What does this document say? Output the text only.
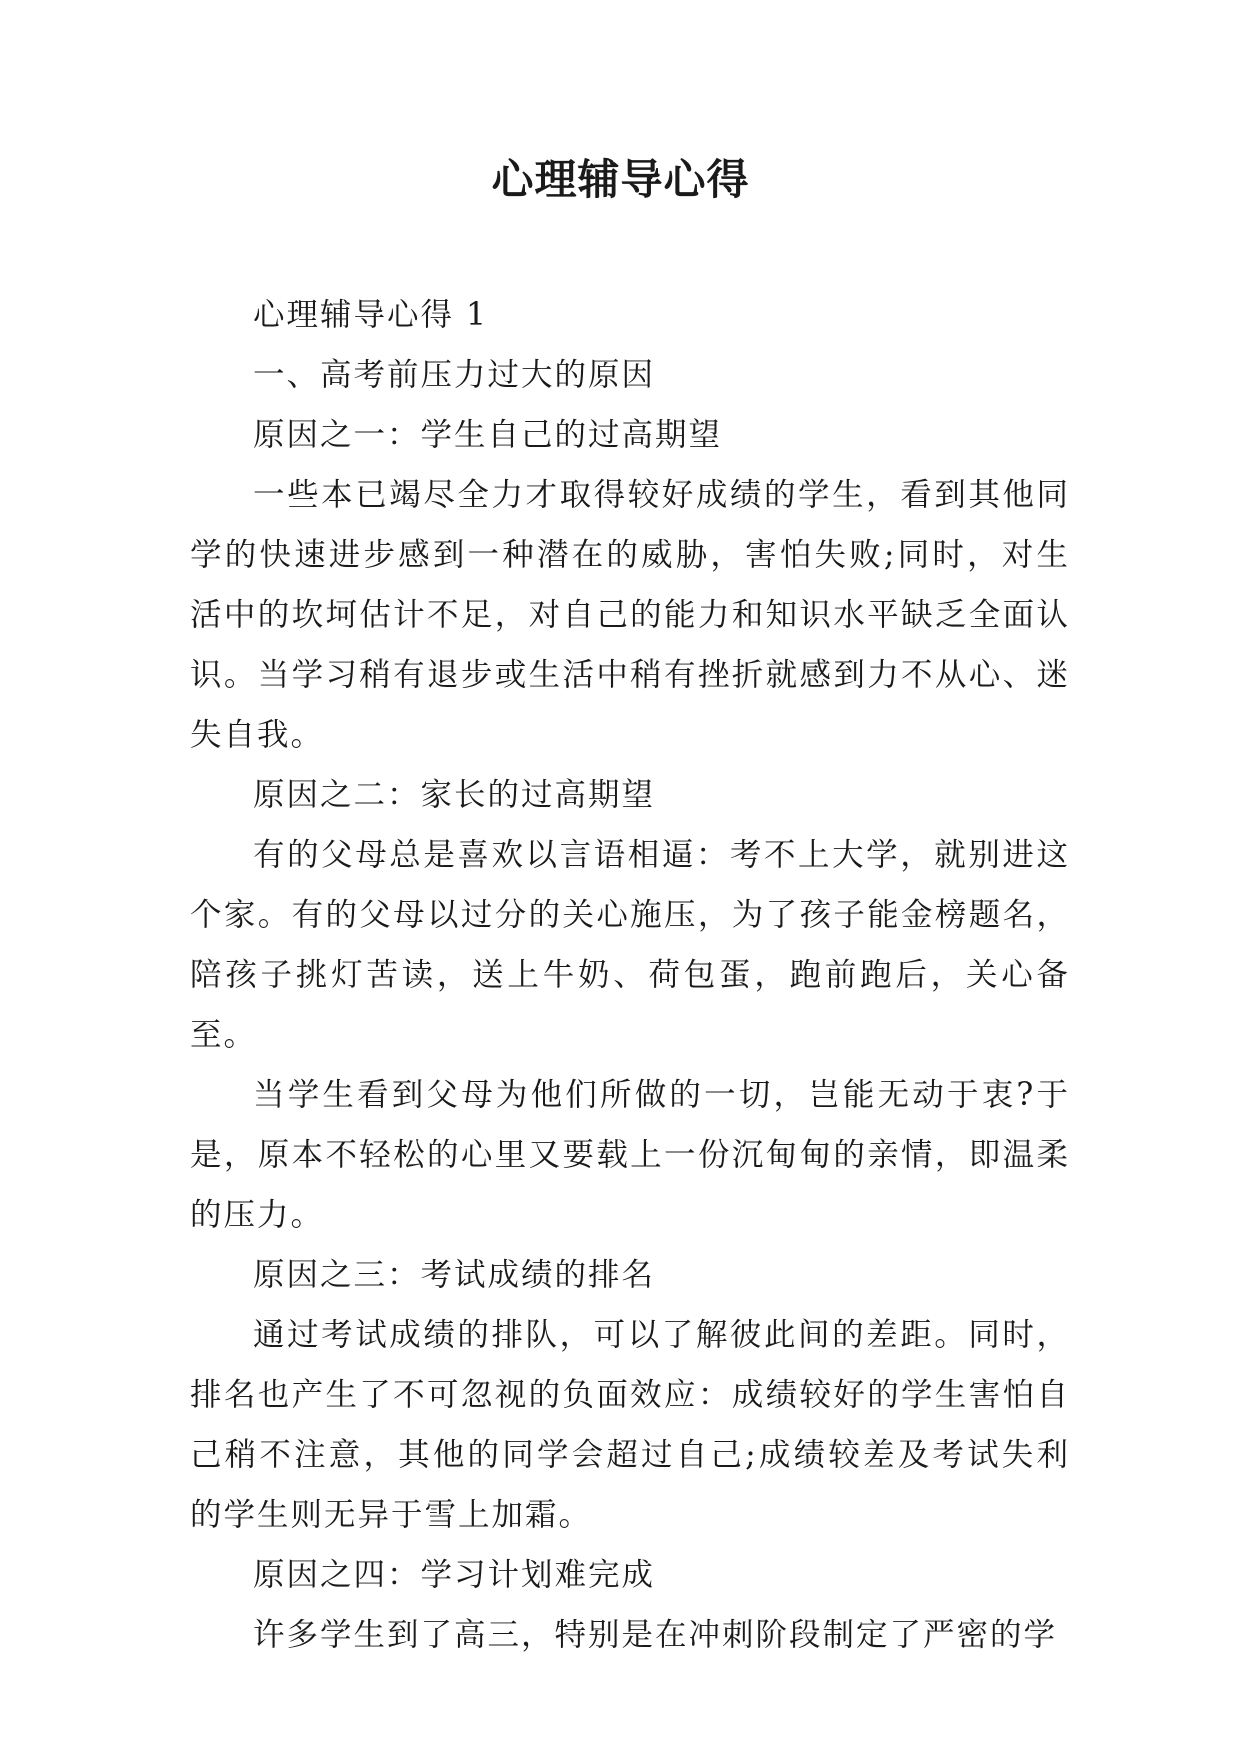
心理辅导心得

心理辅导心得 1

一、高考前压力过大的原因

原因之一：学生自己的过高期望

一些本已竭尽全力才取得较好成绩的学生，看到其他同学的快速进步感到一种潜在的威胁，害怕失败;同时，对生活中的坎坷估计不足，对自己的能力和知识水平缺乏全面认识。当学习稍有退步或生活中稍有挫折就感到力不从心、迷失自我。

原因之二：家长的过高期望

有的父母总是喜欢以言语相逼：考不上大学，就别进这个家。有的父母以过分的关心施压，为了孩子能金榜题名，陪孩子挑灯苦读，送上牛奶、荷包蛋，跑前跑后，关心备至。

当学生看到父母为他们所做的一切，岂能无动于衷?于是，原本不轻松的心里又要载上一份沉甸甸的亲情，即温柔的压力。

原因之三：考试成绩的排名

通过考试成绩的排队，可以了解彼此间的差距。同时，排名也产生了不可忽视的负面效应：成绩较好的学生害怕自己稍不注意，其他的同学会超过自己;成绩较差及考试失利的学生则无异于雪上加霜。

原因之四：学习计划难完成

许多学生到了高三，特别是在冲刺阶段制定了严密的学
